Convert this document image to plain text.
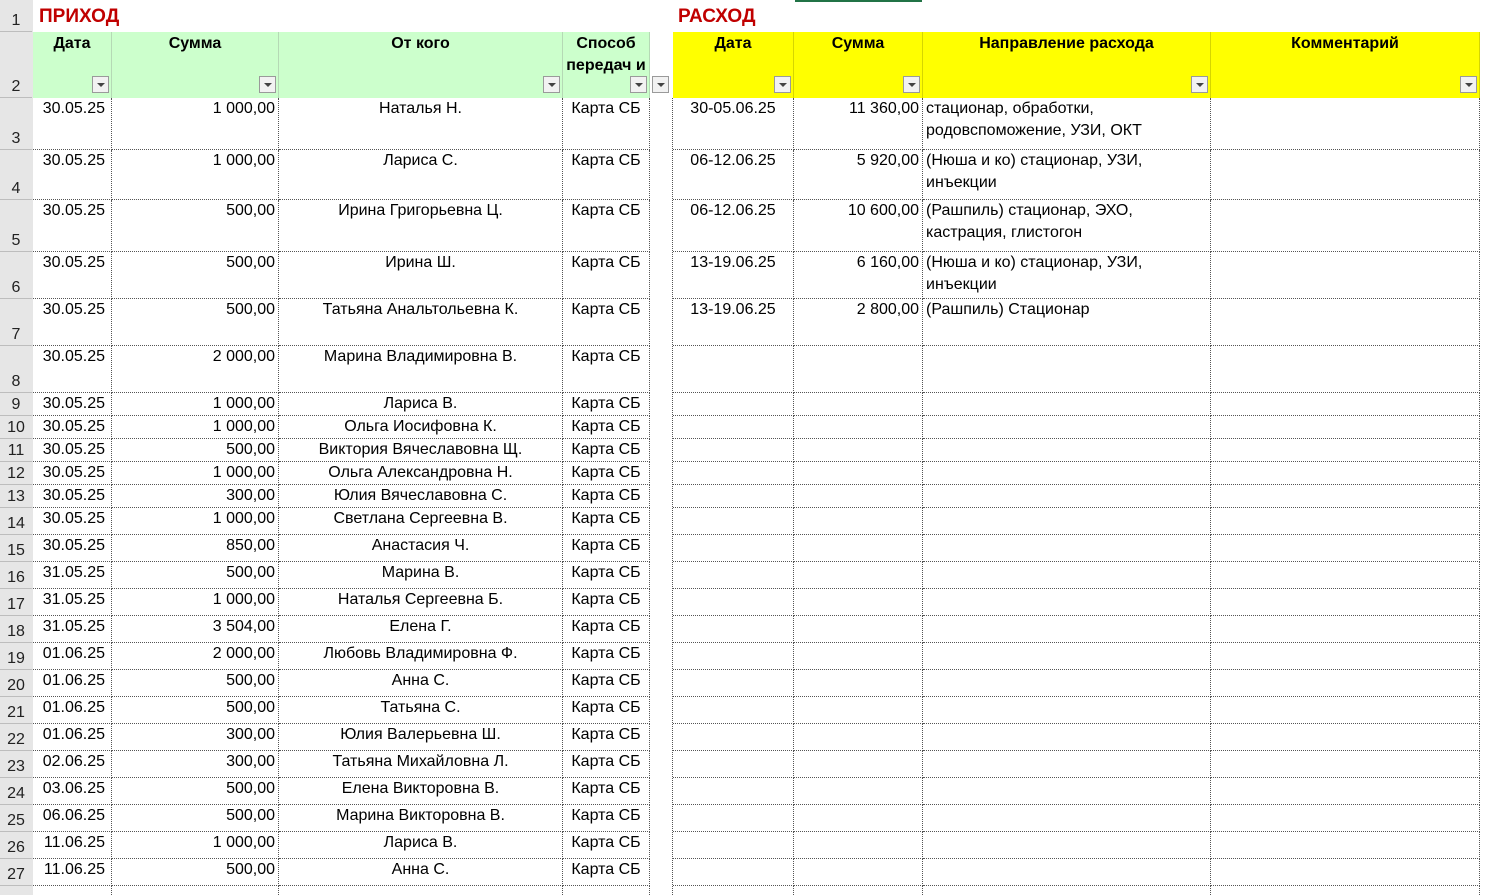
1
2
3
4
5
6
7
8
9
10
11
12
13
14
15
16
17
18
19
20
21
22
23
24
25
26
27
ПРИХОД	РАСХОД
Дата	Сумма	От кого	Способ передач и
Дата	Сумма	Направление расхода	Комментарий
30.05.25	1 000,00	Наталья Н.	Карта СБ
30.05.25	1 000,00	Лариса С.	Карта СБ
30.05.25	500,00	Ирина Григорьевна Ц.	Карта СБ
30.05.25	500,00	Ирина Ш.	Карта СБ
30.05.25	500,00	Татьяна Анальтольевна К.	Карта СБ
30.05.25	2 000,00	Марина Владимировна В.	Карта СБ
30.05.25	1 000,00	Лариса В.	Карта СБ
30.05.25	1 000,00	Ольга Иосифовна К.	Карта СБ
30.05.25	500,00	Виктория Вячеславовна Щ.	Карта СБ
30.05.25	1 000,00	Ольга Александровна Н.	Карта СБ
30.05.25	300,00	Юлия Вячеславовна С.	Карта СБ
30.05.25	1 000,00	Светлана Сергеевна В.	Карта СБ
30.05.25	850,00	Анастасия Ч.	Карта СБ
31.05.25	500,00	Марина В.	Карта СБ
31.05.25	1 000,00	Наталья Сергеевна Б.	Карта СБ
31.05.25	3 504,00	Елена Г.	Карта СБ
01.06.25	2 000,00	Любовь Владимировна Ф.	Карта СБ
01.06.25	500,00	Анна С.	Карта СБ
01.06.25	500,00	Татьяна С.	Карта СБ
01.06.25	300,00	Юлия Валерьевна Ш.	Карта СБ
02.06.25	300,00	Татьяна Михайловна Л.	Карта СБ
03.06.25	500,00	Елена Викторовна В.	Карта СБ
06.06.25	500,00	Марина Викторовна В.	Карта СБ
11.06.25	1 000,00	Лариса В.	Карта СБ
11.06.25	500,00	Анна С.	Карта СБ
30-05.06.25	11 360,00 стационар, обработки, родовспоможение, УЗИ, ОКТ
06-12.06.25	5 920,00 (Нюша и ко) стационар, УЗИ, инъекции
06-12.06.25	10 600,00 (Рашпиль) стационар, ЭХО, кастрация, глистогон
13-19.06.25	6 160,00 (Нюша и ко) стационар, УЗИ, инъекции
13-19.06.25	2 800,00 (Рашпиль) Стационар
